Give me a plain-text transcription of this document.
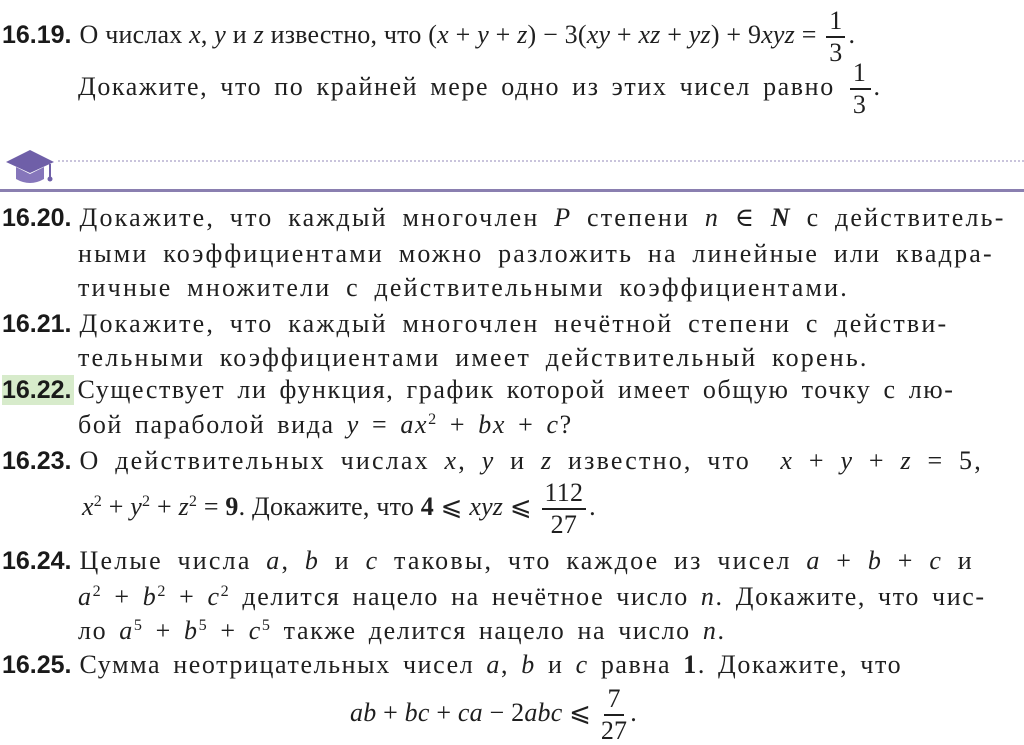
16.19. О числах x, y и z известно, что (x + y + z) − 3(xy + xz + $yz) + 9xyz = \frac{1}{3}$ .
Докажите, что по крайней мере одно из этих чисел равно $\frac{1}{3}$ .
16.20. Докажите, что каждый многочлен P степени n ∈ N с действитель-
ными коэффициентами можно разложить на линейные или квадра-
тичные множители с действительными коэффициентами.
16.21. Докажите, что каждый многочлен нечётной степени с действи-
тельными коэффициентами имеет действительный корень.
16.22. Существует ли функция, график которой имеет общую точку с лю-
бой параболой вида $y = ax^2$ + bx + c?
16.23. О действительных числах x, y и z известно, что x + y + z = 5,
$x^2 + y^2 + z^2 = 9$. Докажите, что 4 ⩽ xyz ⩽ $\frac{112}{27}$ .
16.24. Целые числа a, b и c таковы, что каждое из чисел a + b + c и
$a^2 + b^2 + c^2$ делится нацело на нечётное число n. Докажите, что чис-
ло $a^5 + b^5 + c^5$ также делится нацело на число n.
16.25. Сумма неотрицательных чисел a, b и c равна 1. Докажите, что
ab + bc + ca − 2abc ⩽ $\frac{7}{27}$ .
